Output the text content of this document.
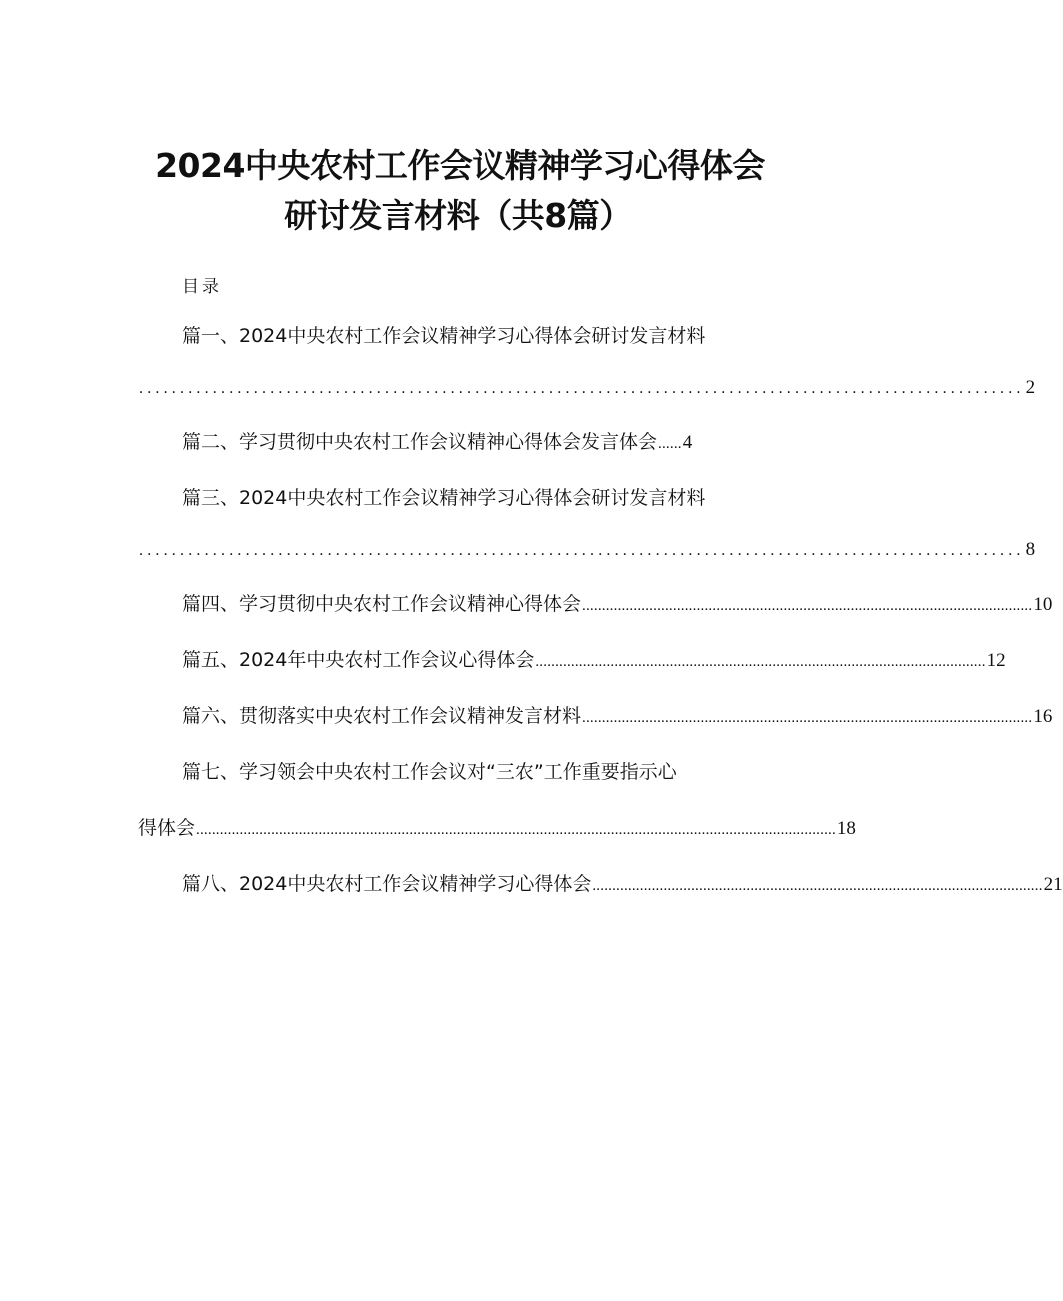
2024中央农村工作会议精神学习心得体会
研讨发言材料（共8篇）
目录
篇一、2024中央农村工作会议精神学习心得体会研讨发言材料
............................................................................................................ 2
篇二、学习贯彻中央农村工作会议精神心得体会发言体会 ...... 4
篇三、2024中央农村工作会议精神学习心得体会研讨发言材料
............................................................................................................ 8
篇四、学习贯彻中央农村工作会议精神心得体会 .................................................................................................................. 10
篇五、2024年中央农村工作会议心得体会 .................................................................................................................. 12
篇六、贯彻落实中央农村工作会议精神发言材料 .................................................................................................................. 16
篇七、学习领会中央农村工作会议对“三农”工作重要指示心
得体会 .................................................................................................................................................................. 18
篇八、2024中央农村工作会议精神学习心得体会 .................................................................................................................. 21
